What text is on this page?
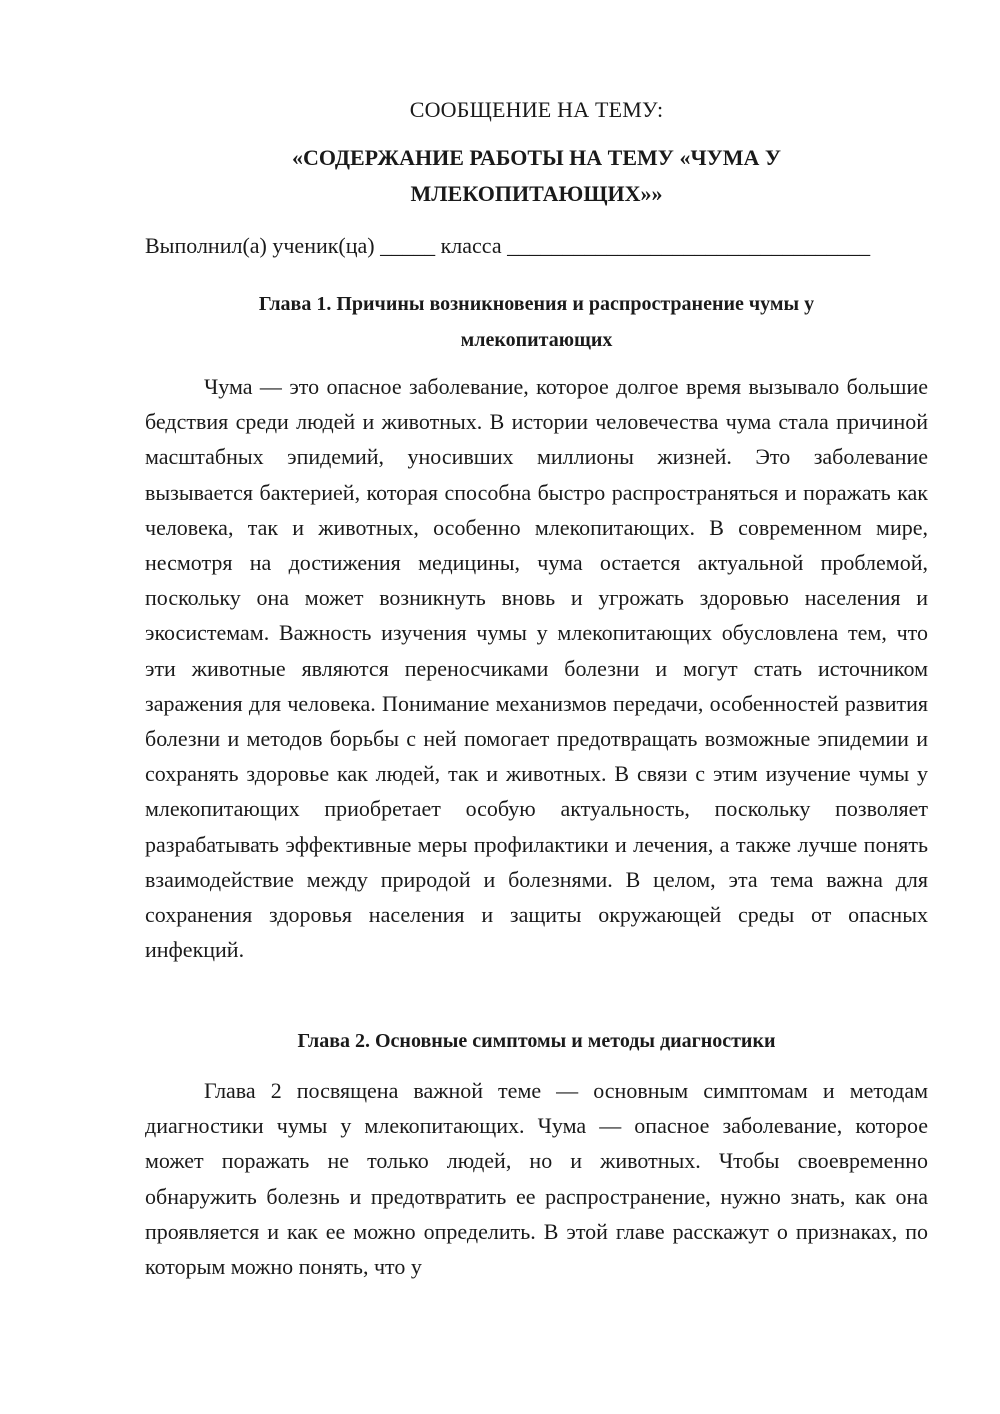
СООБЩЕНИЕ НА ТЕМУ:
«СОДЕРЖАНИЕ РАБОТЫ НА ТЕМУ «ЧУМА У
МЛЕКОПИТАЮЩИХ»»
Выполнил(а) ученик(ца) _____ класса _________________________________
Глава 1. Причины возникновения и распространение чумы у
млекопитающих

Чума — это опасное заболевание, которое долгое время вызывало большие бедствия среди людей и животных. В истории человечества чума стала причиной масштабных эпидемий, уносивших миллионы жизней. Это заболевание вызывается бактерией, которая способна быстро распространяться и поражать как человека, так и животных, особенно млекопитающих. В современном мире, несмотря на достижения медицины, чума остается актуальной проблемой, поскольку она может возникнуть вновь и угрожать здоровью населения и экосистемам. Важность изучения чумы у млекопитающих обусловлена тем, что эти животные являются переносчиками болезни и могут стать источником заражения для человека. Понимание механизмов передачи, особенностей развития болезни и методов борьбы с ней помогает предотвращать возможные эпидемии и сохранять здоровье как людей, так и животных. В связи с этим изучение чумы у млекопитающих приобретает особую актуальность, поскольку позволяет разрабатывать эффективные меры профилактики и лечения, а также лучше понять взаимодействие между природой и болезнями. В целом, эта тема важна для сохранения здоровья населения и защиты окружающей среды от опасных инфекций.

Глава 2. Основные симптомы и методы диагностики

Глава 2 посвящена важной теме — основным симптомам и методам диагностики чумы у млекопитающих. Чума — опасное заболевание, которое может поражать не только людей, но и животных. Чтобы своевременно обнаружить болезнь и предотвратить ее распространение, нужно знать, как она проявляется и как ее можно определить. В этой главе расскажут о признаках, по которым можно понять, что у
